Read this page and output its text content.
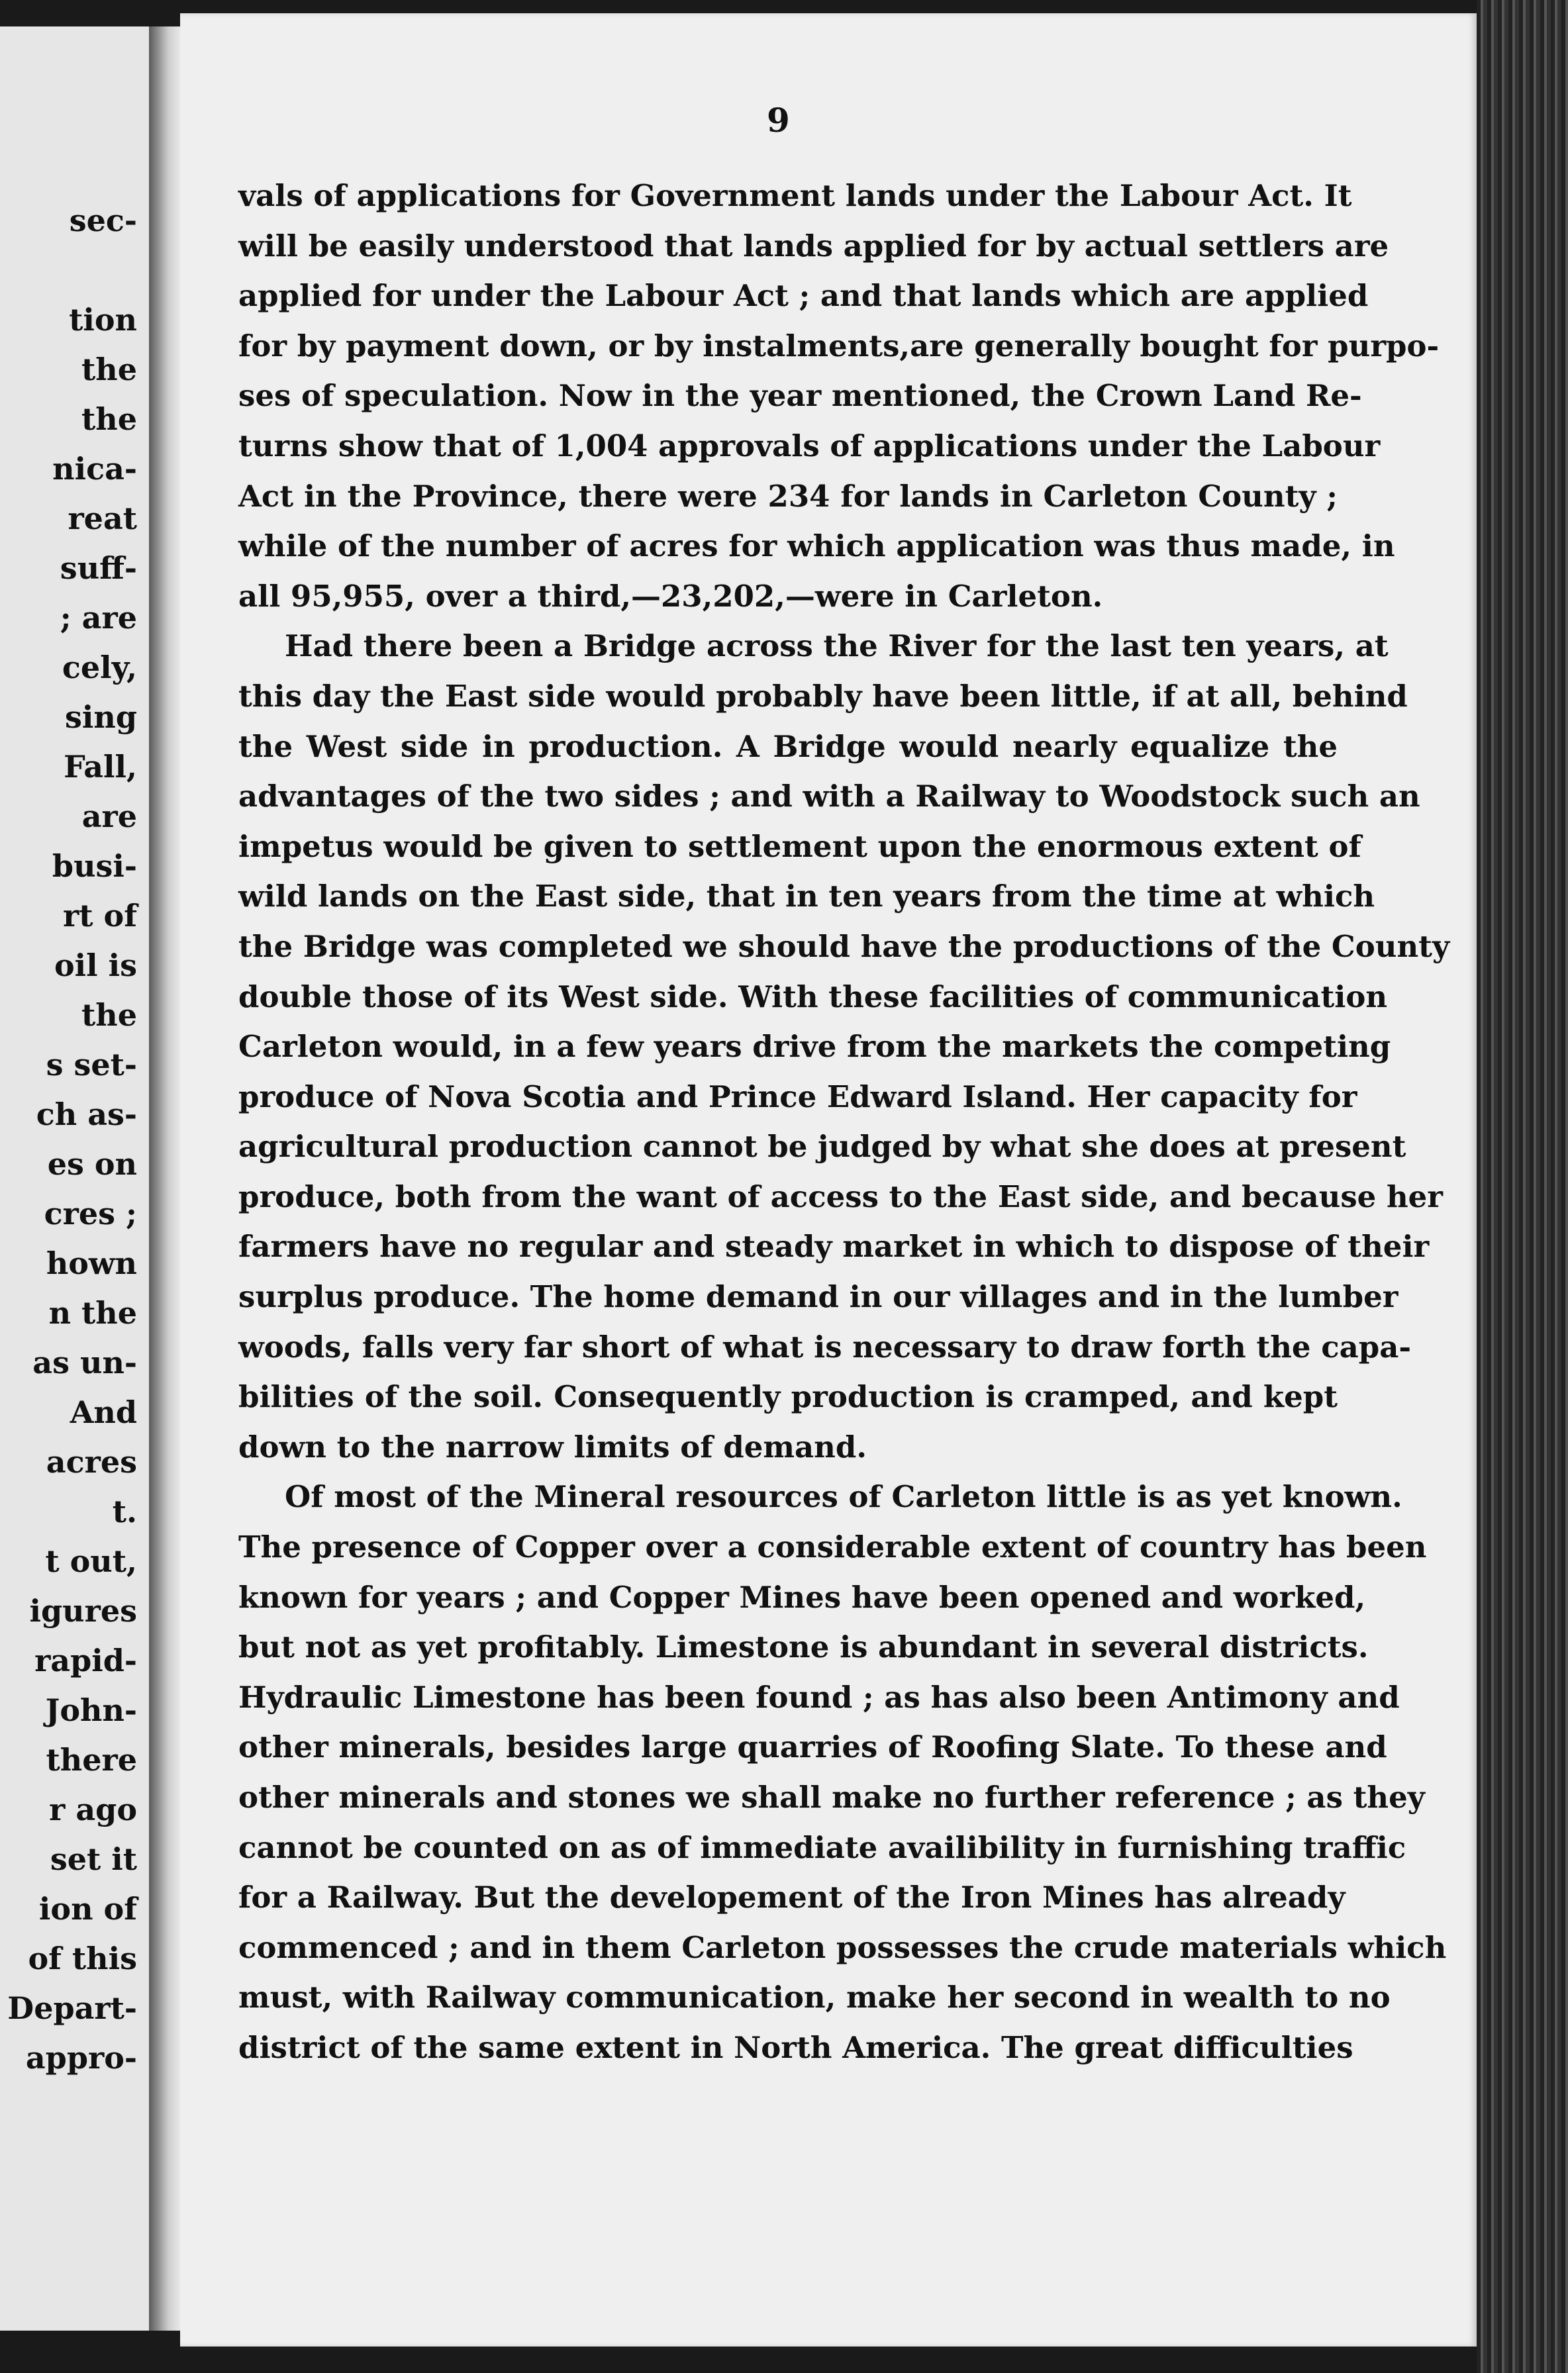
sec-
tion
the
the
nica-
reat
suff-
; are
cely,
sing
Fall,
are
busi-
rt of
oil is
the
s set-
ch as-
es on
cres ;
hown
n the
as un-
And
acres
t.
t out,
igures
rapid-
John-
there
r ago
set it
ion of
of this
Depart-
appro-
9
vals of applications for Government lands under the Labour Act. It
will be easily understood that lands applied for by actual settlers are
applied for under the Labour Act ; and that lands which are applied
for by payment down, or by instalments,are generally bought for purpo-
ses of speculation. Now in the year mentioned, the Crown Land Re-
turns show that of 1,004 approvals of applications under the Labour
Act in the Province, there were 234 for lands in Carleton County ;
while of the number of acres for which application was thus made, in
all 95,955, over a third,—23,202,—were in Carleton.
Had there been a Bridge across the River for the last ten years, at
this day the East side would probably have been little, if at all, behind
the West side in production. A Bridge would nearly equalize the
advantages of the two sides ; and with a Railway to Woodstock such an
impetus would be given to settlement upon the enormous extent of
wild lands on the East side, that in ten years from the time at which
the Bridge was completed we should have the productions of the County
double those of its West side. With these facilities of communication
Carleton would, in a few years drive from the markets the competing
produce of Nova Scotia and Prince Edward Island. Her capacity for
agricultural production cannot be judged by what she does at present
produce, both from the want of access to the East side, and because her
farmers have no regular and steady market in which to dispose of their
surplus produce. The home demand in our villages and in the lumber
woods, falls very far short of what is necessary to draw forth the capa-
bilities of the soil. Consequently production is cramped, and kept
down to the narrow limits of demand.
Of most of the Mineral resources of Carleton little is as yet known.
The presence of Copper over a considerable extent of country has been
known for years ; and Copper Mines have been opened and worked,
but not as yet profitably. Limestone is abundant in several districts.
Hydraulic Limestone has been found ; as has also been Antimony and
other minerals, besides large quarries of Roofing Slate. To these and
other minerals and stones we shall make no further reference ; as they
cannot be counted on as of immediate availibility in furnishing traffic
for a Railway. But the developement of the Iron Mines has already
commenced ; and in them Carleton possesses the crude materials which
must, with Railway communication, make her second in wealth to no
district of the same extent in North America. The great difficulties
